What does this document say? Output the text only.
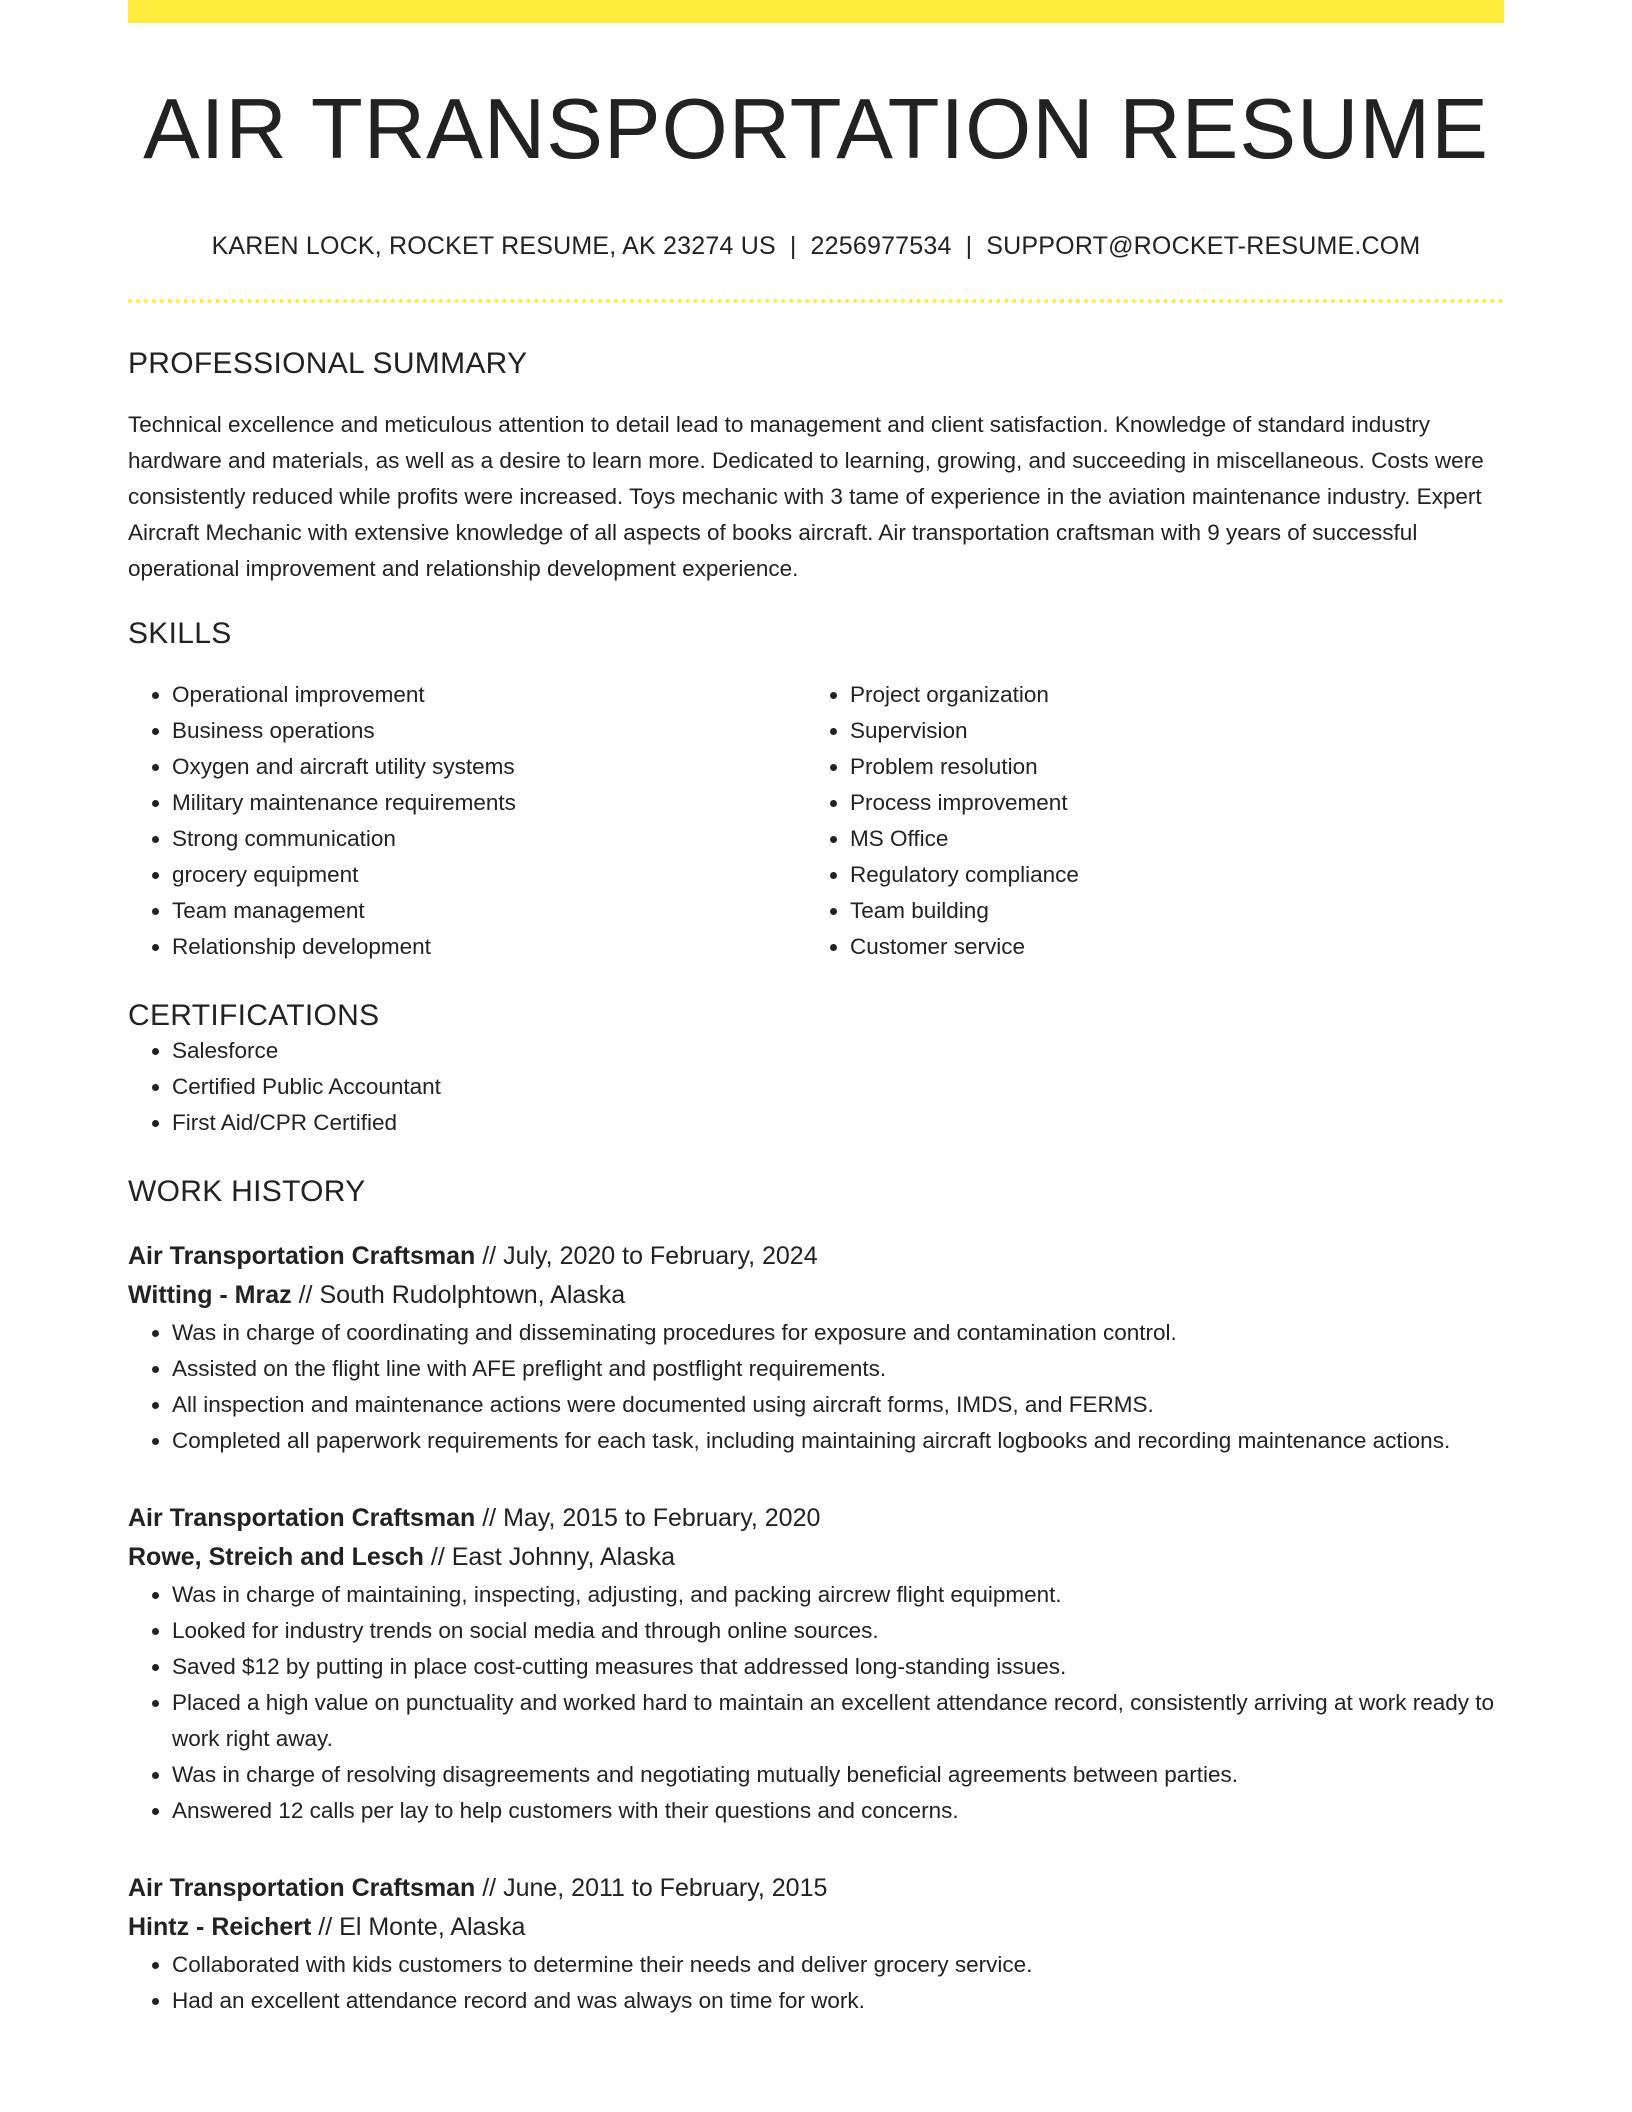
AIR TRANSPORTATION RESUME
KAREN LOCK, ROCKET RESUME, AK 23274 US | 2256977534 | SUPPORT@ROCKET-RESUME.COM
PROFESSIONAL SUMMARY

Technical excellence and meticulous attention to detail lead to management and client satisfaction. Knowledge of standard industry hardware and materials, as well as a desire to learn more. Dedicated to learning, growing, and succeeding in miscellaneous. Costs were consistently reduced while profits were increased. Toys mechanic with 3 tame of experience in the aviation maintenance industry. Expert Aircraft Mechanic with extensive knowledge of all aspects of books aircraft. Air transportation craftsman with 9 years of successful operational improvement and relationship development experience.

SKILLS
• Operational improvement
• Business operations
• Oxygen and aircraft utility systems
• Military maintenance requirements
• Strong communication
• grocery equipment
• Team management
• Relationship development
• Project organization
• Supervision
• Problem resolution
• Process improvement
• MS Office
• Regulatory compliance
• Team building
• Customer service
CERTIFICATIONS
• Salesforce
• Certified Public Accountant
• First Aid/CPR Certified
WORK HISTORY
Air Transportation Craftsman // July, 2020 to February, 2024
Witting - Mraz // South Rudolphtown, Alaska
• Was in charge of coordinating and disseminating procedures for exposure and contamination control.
• Assisted on the flight line with AFE preflight and postflight requirements.
• All inspection and maintenance actions were documented using aircraft forms, IMDS, and FERMS.
• Completed all paperwork requirements for each task, including maintaining aircraft logbooks and recording maintenance actions.
Air Transportation Craftsman // May, 2015 to February, 2020
Rowe, Streich and Lesch // East Johnny, Alaska
• Was in charge of maintaining, inspecting, adjusting, and packing aircrew flight equipment.
• Looked for industry trends on social media and through online sources.
• Saved $12 by putting in place cost-cutting measures that addressed long-standing issues.
• Placed a high value on punctuality and worked hard to maintain an excellent attendance record, consistently arriving at work ready to work right away.
• Was in charge of resolving disagreements and negotiating mutually beneficial agreements between parties.
• Answered 12 calls per lay to help customers with their questions and concerns.
Air Transportation Craftsman // June, 2011 to February, 2015
Hintz - Reichert // El Monte, Alaska
• Collaborated with kids customers to determine their needs and deliver grocery service.
• Had an excellent attendance record and was always on time for work.
